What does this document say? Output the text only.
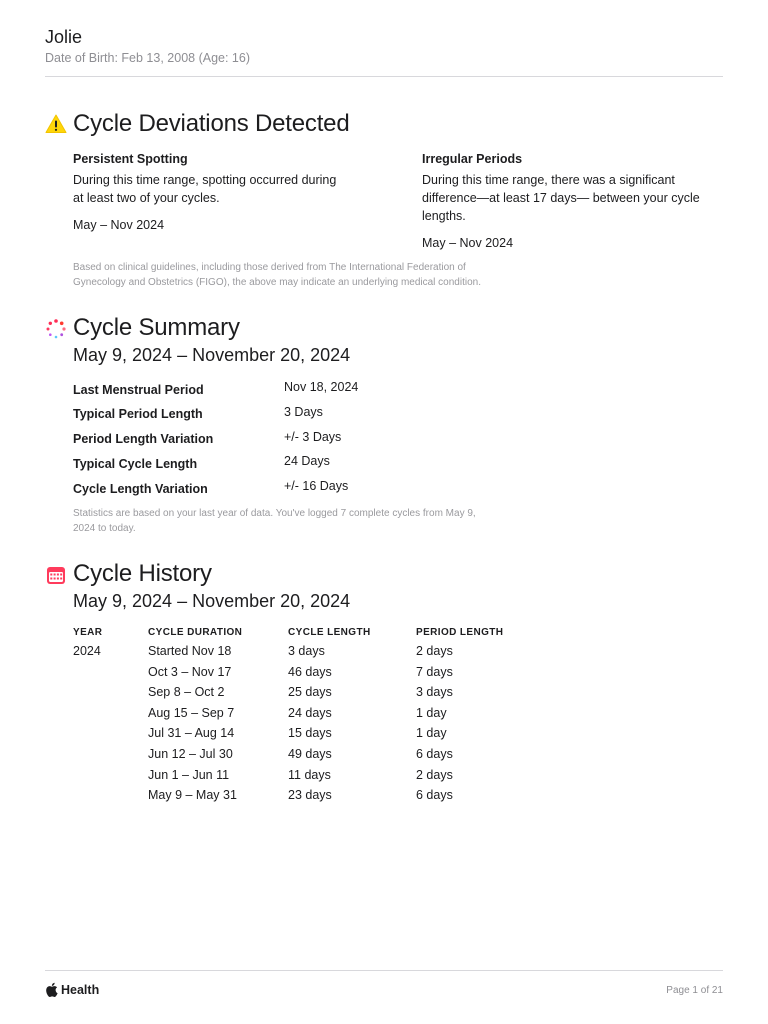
Jolie
Date of Birth: Feb 13, 2008 (Age: 16)
Cycle Deviations Detected
Persistent Spotting
During this time range, spotting occurred during
at least two of your cycles.
May – Nov 2024
Irregular Periods
During this time range, there was a significant
difference—at least 17 days— between your cycle
lengths.
May – Nov 2024
Based on clinical guidelines, including those derived from The International Federation of
Gynecology and Obstetrics (FIGO), the above may indicate an underlying medical condition.
Cycle Summary
May 9, 2024 – November 20, 2024
Last Menstrual Period	Nov 18, 2024
Typical Period Length	3 Days
Period Length Variation	+/- 3 Days
Typical Cycle Length	24 Days
Cycle Length Variation	+/- 16 Days
Statistics are based on your last year of data. You've logged 7 complete cycles from May 9,
2024 to today.
Cycle History
May 9, 2024 – November 20, 2024
YEAR	CYCLE DURATION	CYCLE LENGTH	PERIOD LENGTH
2024	Started Nov 18	3 days	2 days
Oct 3 – Nov 17	46 days	7 days
Sep 8 – Oct 2	25 days	3 days
Aug 15 – Sep 7	24 days	1 day
Jul 31 – Aug 14	15 days	1 day
Jun 12 – Jul 30	49 days	6 days
Jun 1 – Jun 11	11 days	2 days
May 9 – May 31	23 days	6 days
Health	Page 1 of 21
